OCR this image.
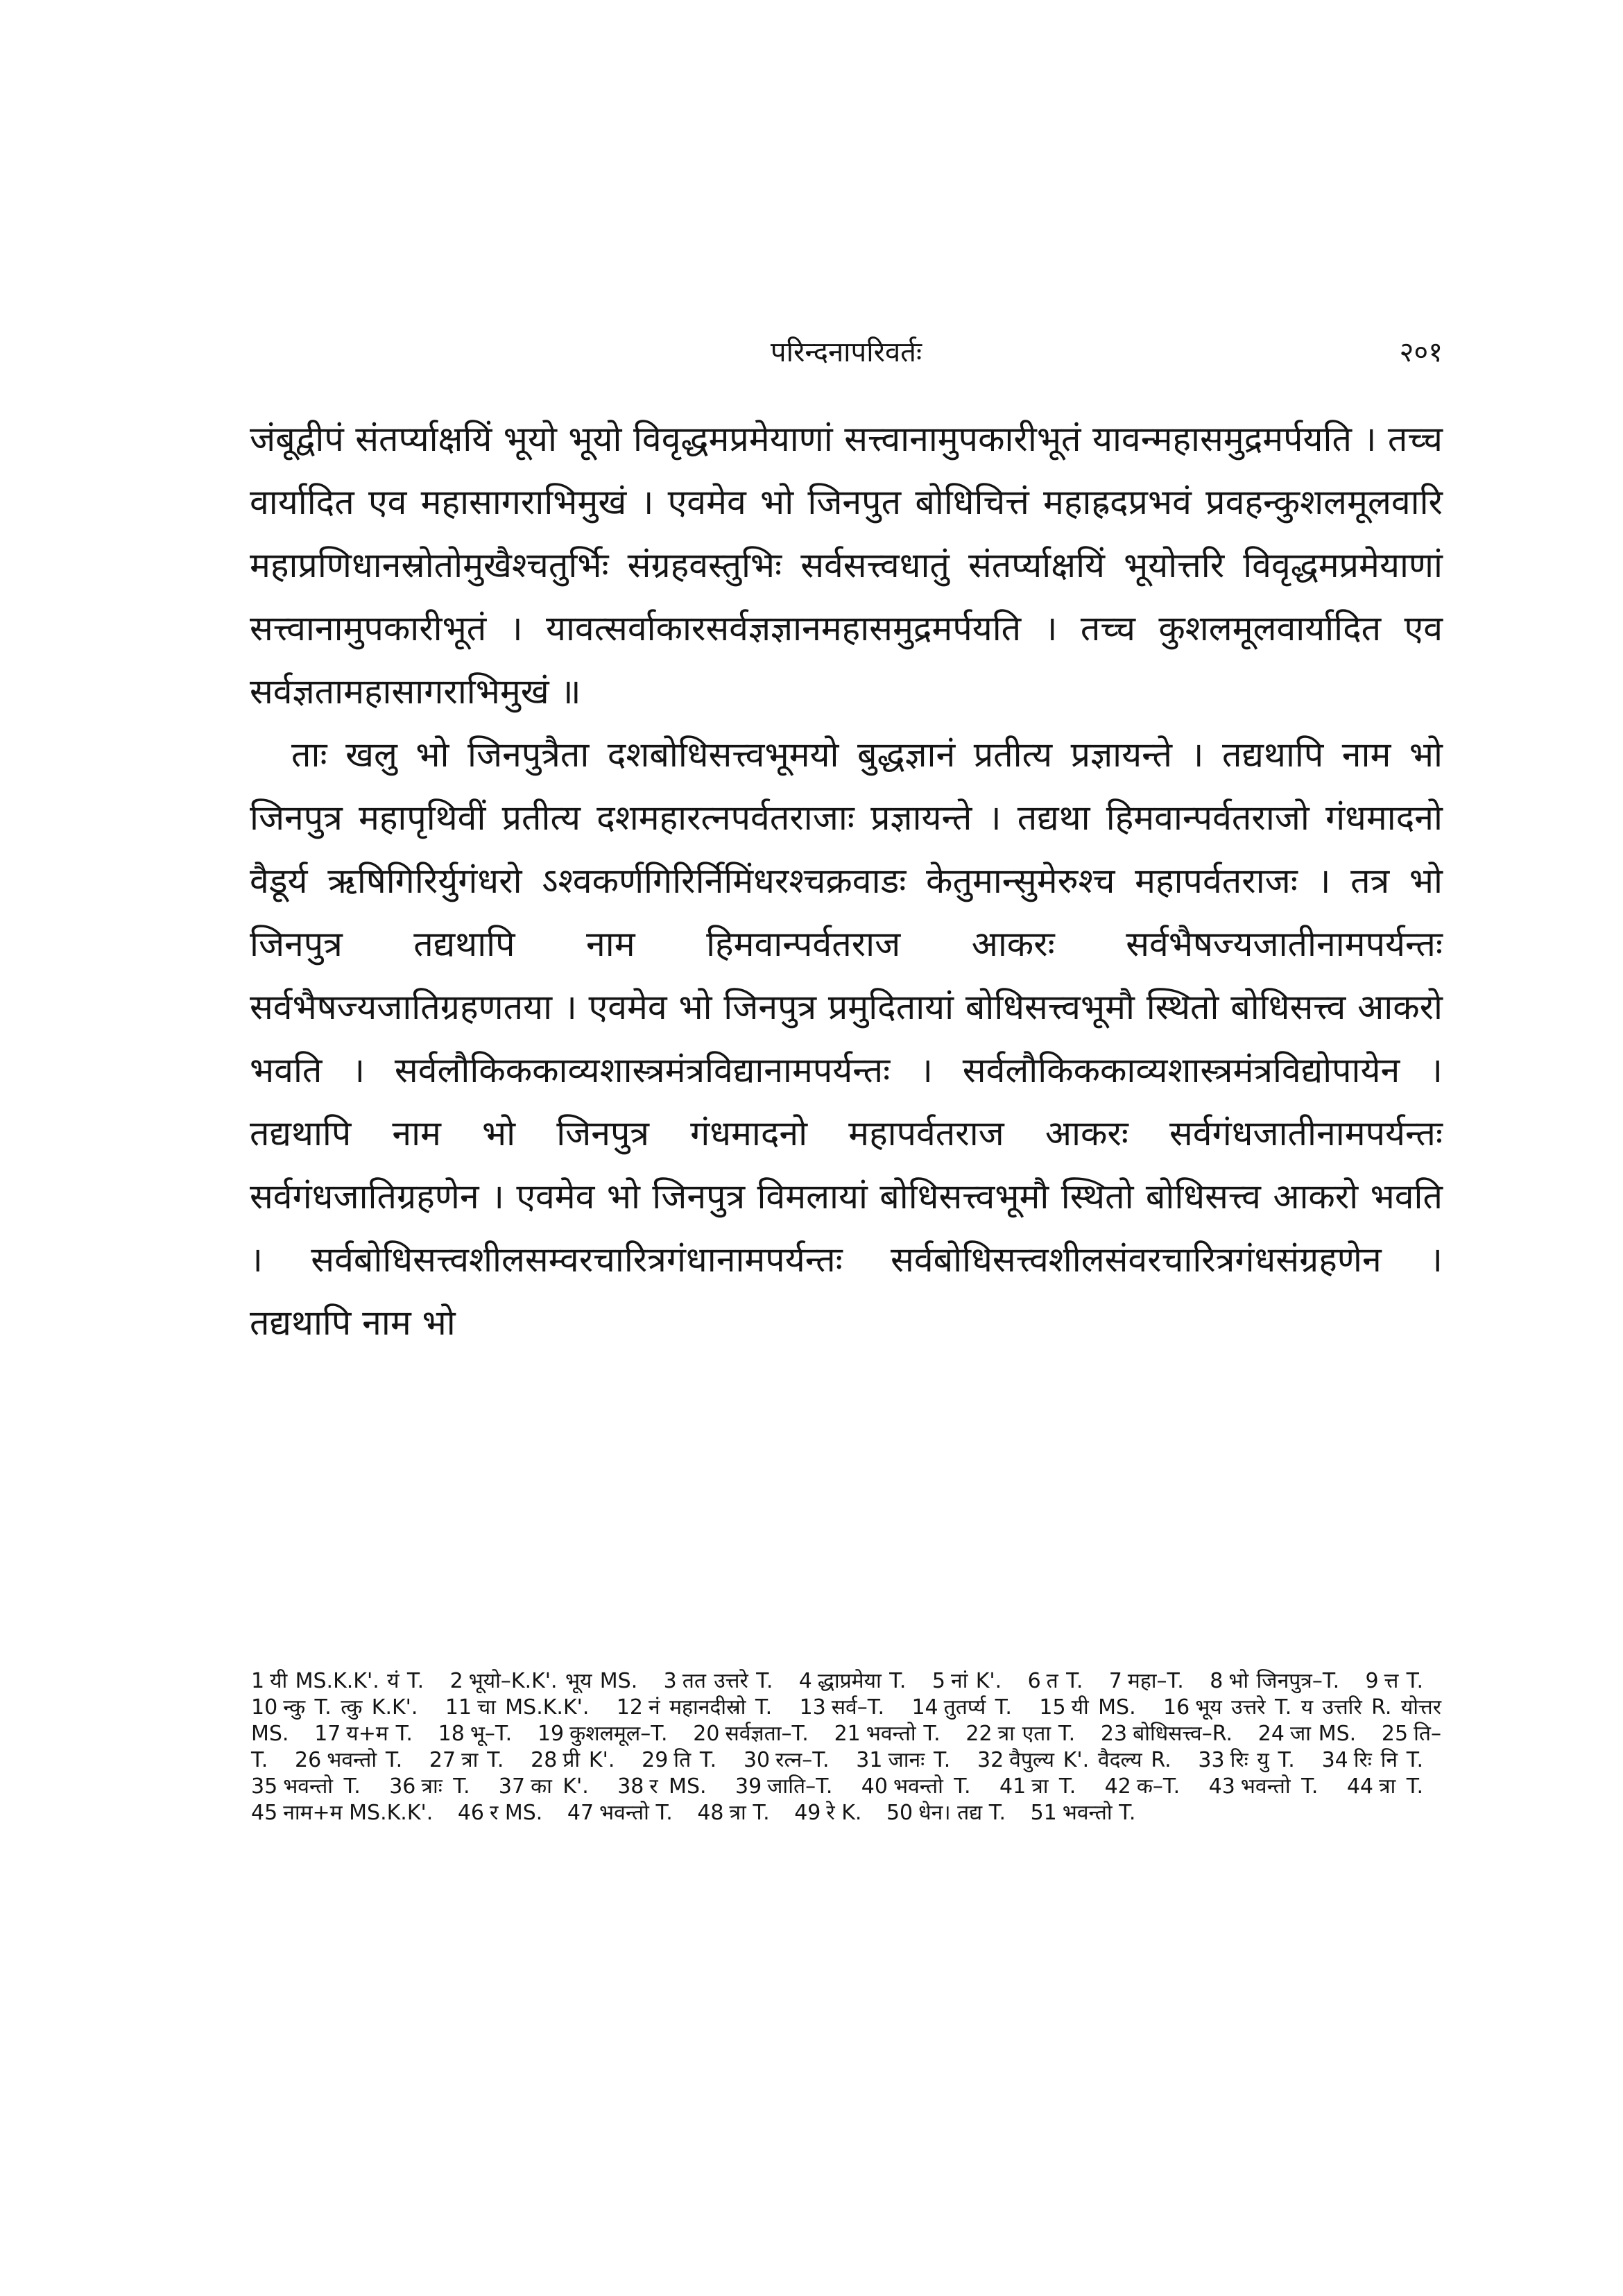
परिन्दनापरिवर्तः	२०१

जंबूद्वीपं संतर्प्याक्षयिं भूयो भूयो विवृद्धमप्रमेयाणां सत्त्वानामुपकारीभूतं यावन्महासमुद्रमर्पयति । तच्च वार्यादित एव महासागराभिमुखं । एवमेव भो जिनपुत बोधिचित्तं महाह्रदप्रभवं प्रवहन्कुशलमूलवारि महाप्रणिधानस्रोतोमुखैश्चतुर्भिः संग्रहवस्तुभिः सर्वसत्त्वधातुं संतर्प्याक्षयिं भूयोत्तरि विवृद्धमप्रमेयाणां सत्त्वानामुपकारीभूतं । यावत्सर्वाकारसर्वज्ञज्ञानमहासमुद्रमर्पयति । तच्च कुशलमूलवार्यादित एव सर्वज्ञतामहासागराभिमुखं ॥

ताः खलु भो जिनपुत्रैता दशबोधिसत्त्वभूमयो बुद्धज्ञानं प्रतीत्य प्रज्ञायन्ते । तद्यथापि नाम भो जिनपुत्र महापृथिवीं प्रतीत्य दशमहारत्नपर्वतराजाः प्रज्ञायन्ते । तद्यथा हिमवान्पर्वतराजो गंधमादनो वैडूर्य ऋषिगिरिर्युगंधरो ऽश्वकर्णगिरिर्निमिंधरश्चक्रवाडः केतुमान्सुमेरुश्च महापर्वतराजः । तत्र भो जिनपुत्र तद्यथापि नाम हिमवान्पर्वतराज आकरः सर्वभैषज्यजातीनामपर्यन्तः सर्वभैषज्यजातिग्रहणतया । एवमेव भो जिनपुत्र प्रमुदितायां बोधिसत्त्वभूमौ स्थितो बोधिसत्त्व आकरो भवति । सर्वलौकिककाव्यशास्त्रमंत्रविद्यानामपर्यन्तः । सर्वलौकिककाव्यशास्त्रमंत्रविद्योपायेन । तद्यथापि नाम भो जिनपुत्र गंधमादनो महापर्वतराज आकरः सर्वगंधजातीनामपर्यन्तः सर्वगंधजातिग्रहणेन । एवमेव भो जिनपुत्र विमलायां बोधिसत्त्वभूमौ स्थितो बोधिसत्त्व आकरो भवति । सर्वबोधिसत्त्वशीलसम्वरचारित्रगंधानामपर्यन्तः सर्वबोधिसत्त्वशीलसंवरचारित्रगंधसंग्रहणेन । तद्यथापि नाम भो

1 यी MS.K.K'. यं T. 2 भूयो–K.K'. भूय MS. 3 तत उत्तरे T. 4 द्धाप्रमेया T. 5 नां K'. 6 त T. 7 महा–T. 8 भो जिनपुत्र–T. 9 त्त T. 10 न्कु T. त्कु K.K'. 11 चा MS.K.K'. 12 नं महानदीस्रो T. 13 सर्व–T. 14 तुतर्प्य T. 15 यी MS. 16 भूय उत्तरे T. य उत्तरि R. योत्तर MS. 17 य+म T. 18 भू–T. 19 कुशलमूल–T. 20 सर्वज्ञता–T. 21 भवन्तो T. 22 त्रा एता T. 23 बोधिसत्त्व–R. 24 जा MS. 25 ति–T. 26 भवन्तो T. 27 त्रा T. 28 प्री K'. 29 ति T. 30 रत्न–T. 31 जानः T. 32 वैपुल्य K'. वैदल्य R. 33 रिः यु T. 34 रिः नि T. 35 भवन्तो T. 36 त्राः T. 37 का K'. 38 र MS. 39 जाति–T. 40 भवन्तो T. 41 त्रा T. 42 क–T. 43 भवन्तो T. 44 त्रा T. 45 नाम+म MS.K.K'. 46 र MS. 47 भवन्तो T. 48 त्रा T. 49 रे K. 50 धेन। तद्य T. 51 भवन्तो T.
